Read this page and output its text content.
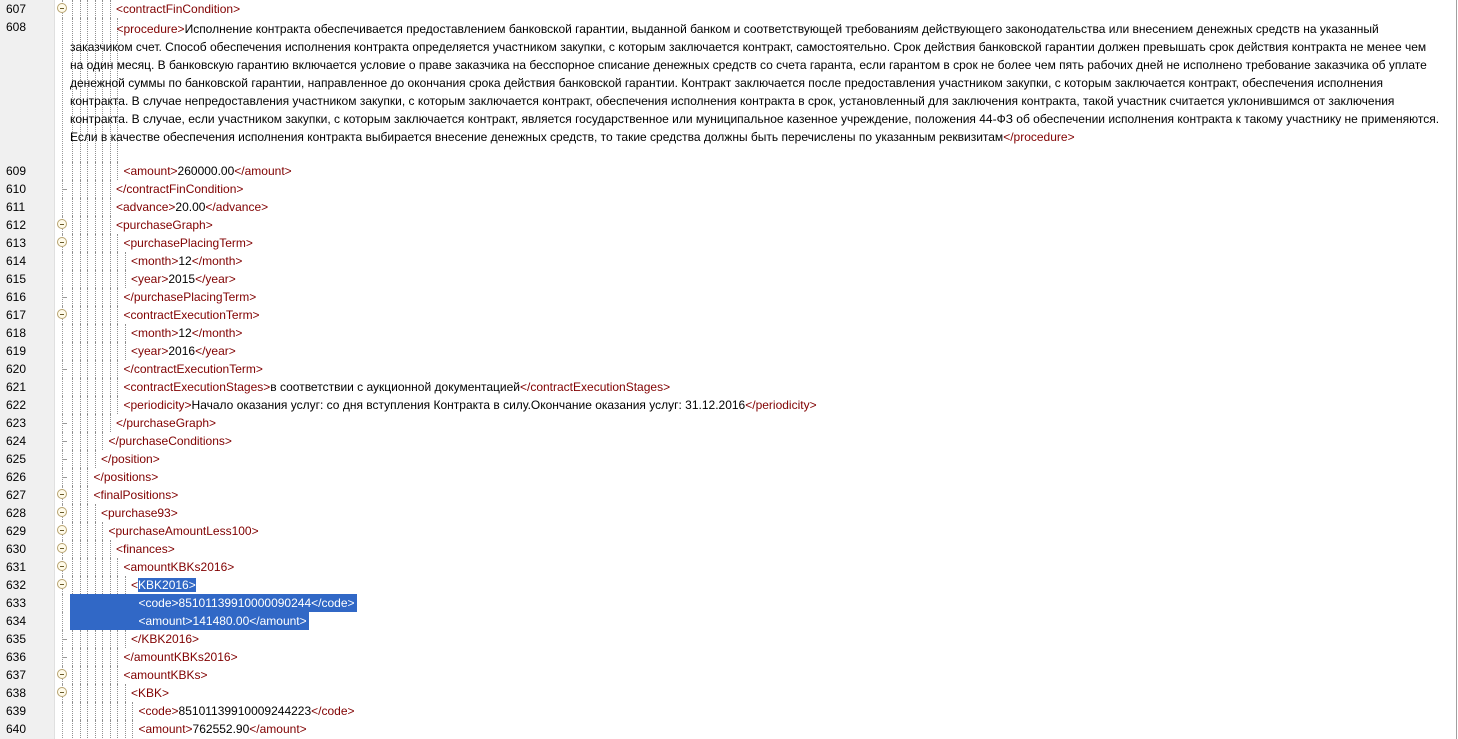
607	<contractFinCondition>
608	<procedure>Исполнение контракта обеспечивается предоставлением банковской гарантии, выданной банком и соответствующей требованиям действующего законодательства или внесением денежных средств на указанный заказчиком счет. Способ обеспечения исполнения контракта определяется участником закупки, с которым заключается контракт, самостоятельно. Срок действия банковской гарантии должен превышать срок действия контракта не менее чем на один месяц. В банковскую гарантию включается условие о праве заказчика на бесспорное списание денежных средств со счета гаранта, если гарантом в срок не более чем пять рабочих дней не исполнено требование заказчика об уплате денежной суммы по банковской гарантии, направленное до окончания срока действия банковской гарантии. Контракт заключается после предоставления участником закупки, с которым заключается контракт, обеспечения исполнения контракта. В случае непредоставления участником закупки, с которым заключается контракт, обеспечения исполнения контракта в срок, установленный для заключения контракта, такой участник считается уклонившимся от заключения контракта. В случае, если участником закупки, с которым заключается контракт, является государственное или муниципальное казенное учреждение, положения 44-ФЗ об обеспечении исполнения контракта к такому участнику не применяются. Если в качестве обеспечения исполнения контракта выбирается внесение денежных средств, то такие средства должны быть перечислены по указанным реквизитам</procedure>
609	<amount>260000.00</amount>
610	</contractFinCondition>
611	<advance>20.00</advance>
612	<purchaseGraph>
613	<purchasePlacingTerm>
614	<month>12</month>
615	<year>2015</year>
616	</purchasePlacingTerm>
617	<contractExecutionTerm>
618	<month>12</month>
619	<year>2016</year>
620	</contractExecutionTerm>
621	<contractExecutionStages>в соответствии с аукционной документацией</contractExecutionStages>
622	<periodicity>Начало оказания услуг: со дня вступления Контракта в силу.Окончание оказания услуг: 31.12.2016</periodicity>
623	</purchaseGraph>
624	</purchaseConditions>
625	</position>
626	</positions>
627	<finalPositions>
628	<purchase93>
629	<purchaseAmountLess100>
630	<finances>
631	<amountKBKs2016>
632	<KBK2016>
633	<code>8510113991000009024​4</code>
634	<amount>141480.00</amount>
635	</KBK2016>
636	</amountKBKs2016>
637	<amountKBKs>
638	<KBK>
639	<code>85101139910009244223</code>
640	<amount>762552.90</amount>
